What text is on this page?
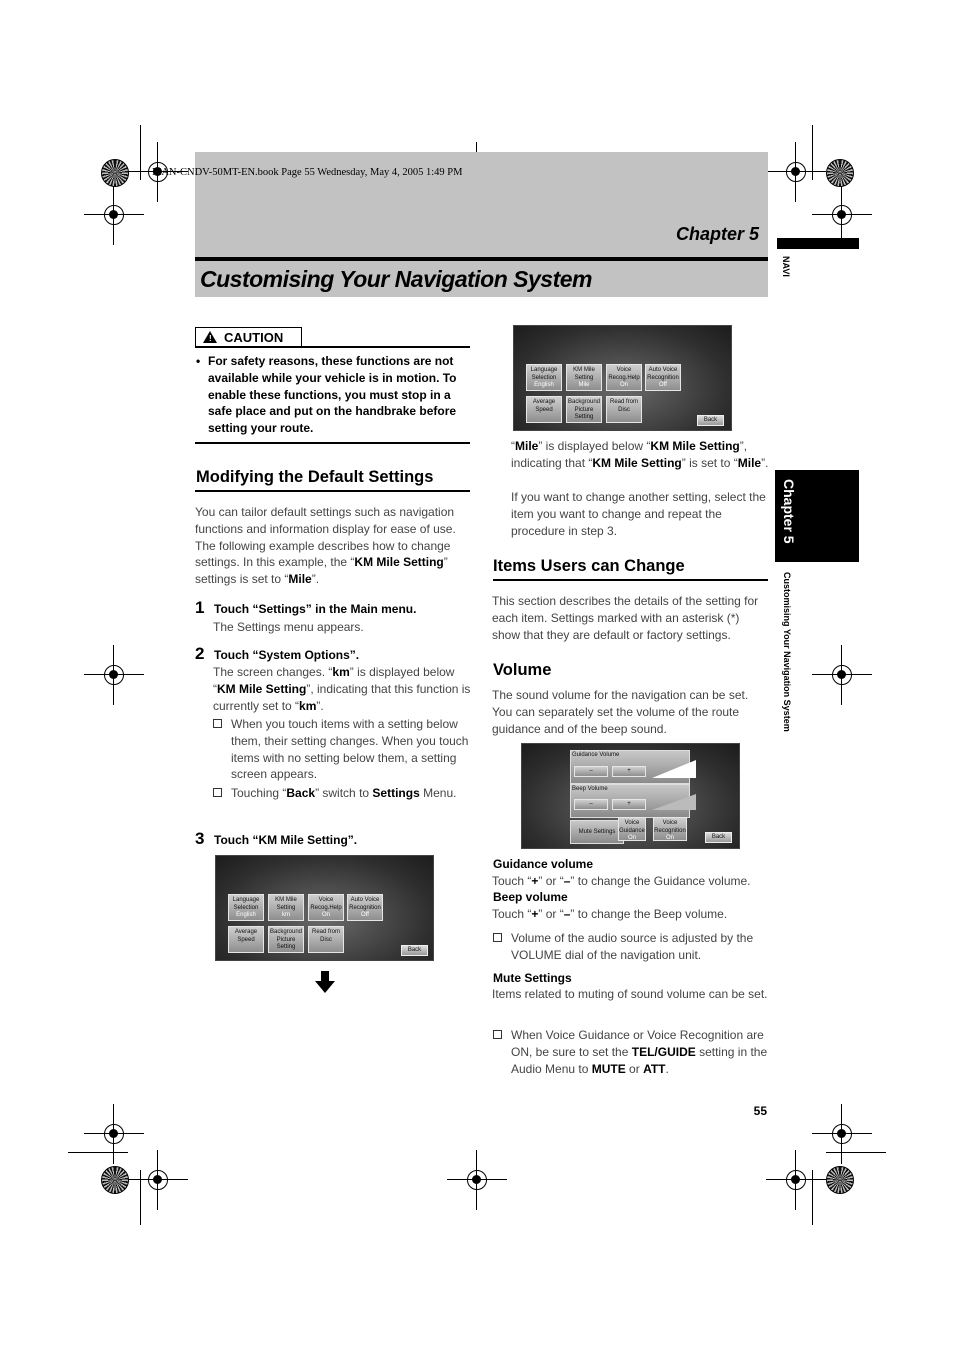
MAN-CNDV-50MT-EN.book Page 55 Wednesday, May 4, 2005 1:49 PM
Chapter 5
Customising Your Navigation System	NAVI
Chapter 5
Customising Your Navigation System
! CAUTION
• For safety reasons, these functions are not available while your vehicle is in motion. To enable these functions, you must stop in a safe place and put on the handbrake before setting your route.
Modifying the Default Settings
You can tailor default settings such as navigation functions and information display for ease of use. The following example describes how to change settings. In this example, the “KM Mile Setting” settings is set to “Mile”.
1 Touch “Settings” in the Main menu.
The Settings menu appears.
2 Touch “System Options”.
The screen changes. “km” is displayed below “KM Mile Setting”, indicating that this function is currently set to “km”.
When you touch items with a setting below them, their setting changes. When you touch items with no setting below them, a setting screen appears.
Touching “Back” switch to Settings Menu.
3 Touch “KM Mile Setting”.
Language Selection
English
KM Mile Setting
km
Voice Recog.Help
On
Auto Voice Recognition
Off
Average Speed
Background Picture Setting
Read from Disc
Back
Language Selection
English
KM Mile Setting
Mile
Voice Recog.Help
On
Auto Voice Recognition
Off
Average Speed
Background Picture Setting
Read from Disc
Back
“Mile” is displayed below “KM Mile Setting”, indicating that “KM Mile Setting” is set to “Mile”.
If you want to change another setting, select the item you want to change and repeat the procedure in step 3.
Items Users can Change
This section describes the details of the setting for each item. Settings marked with an asterisk (*) show that they are default or factory settings.
Volume
The sound volume for the navigation can be set. You can separately set the volume of the route guidance and of the beep sound.
Guidance Volume
–	+
Beep Volume
–	+
Mute Settings
Voice Guidance
On
Voice Recognition
On	Back
Guidance volume
Touch “+” or “–” to change the Guidance volume.
Beep volume
Touch “+” or “–” to change the Beep volume.
Volume of the audio source is adjusted by the VOLUME dial of the navigation unit.
Mute Settings
Items related to muting of sound volume can be set.
When Voice Guidance or Voice Recognition are ON, be sure to set the TEL/GUIDE setting in the Audio Menu to MUTE or ATT.
55
